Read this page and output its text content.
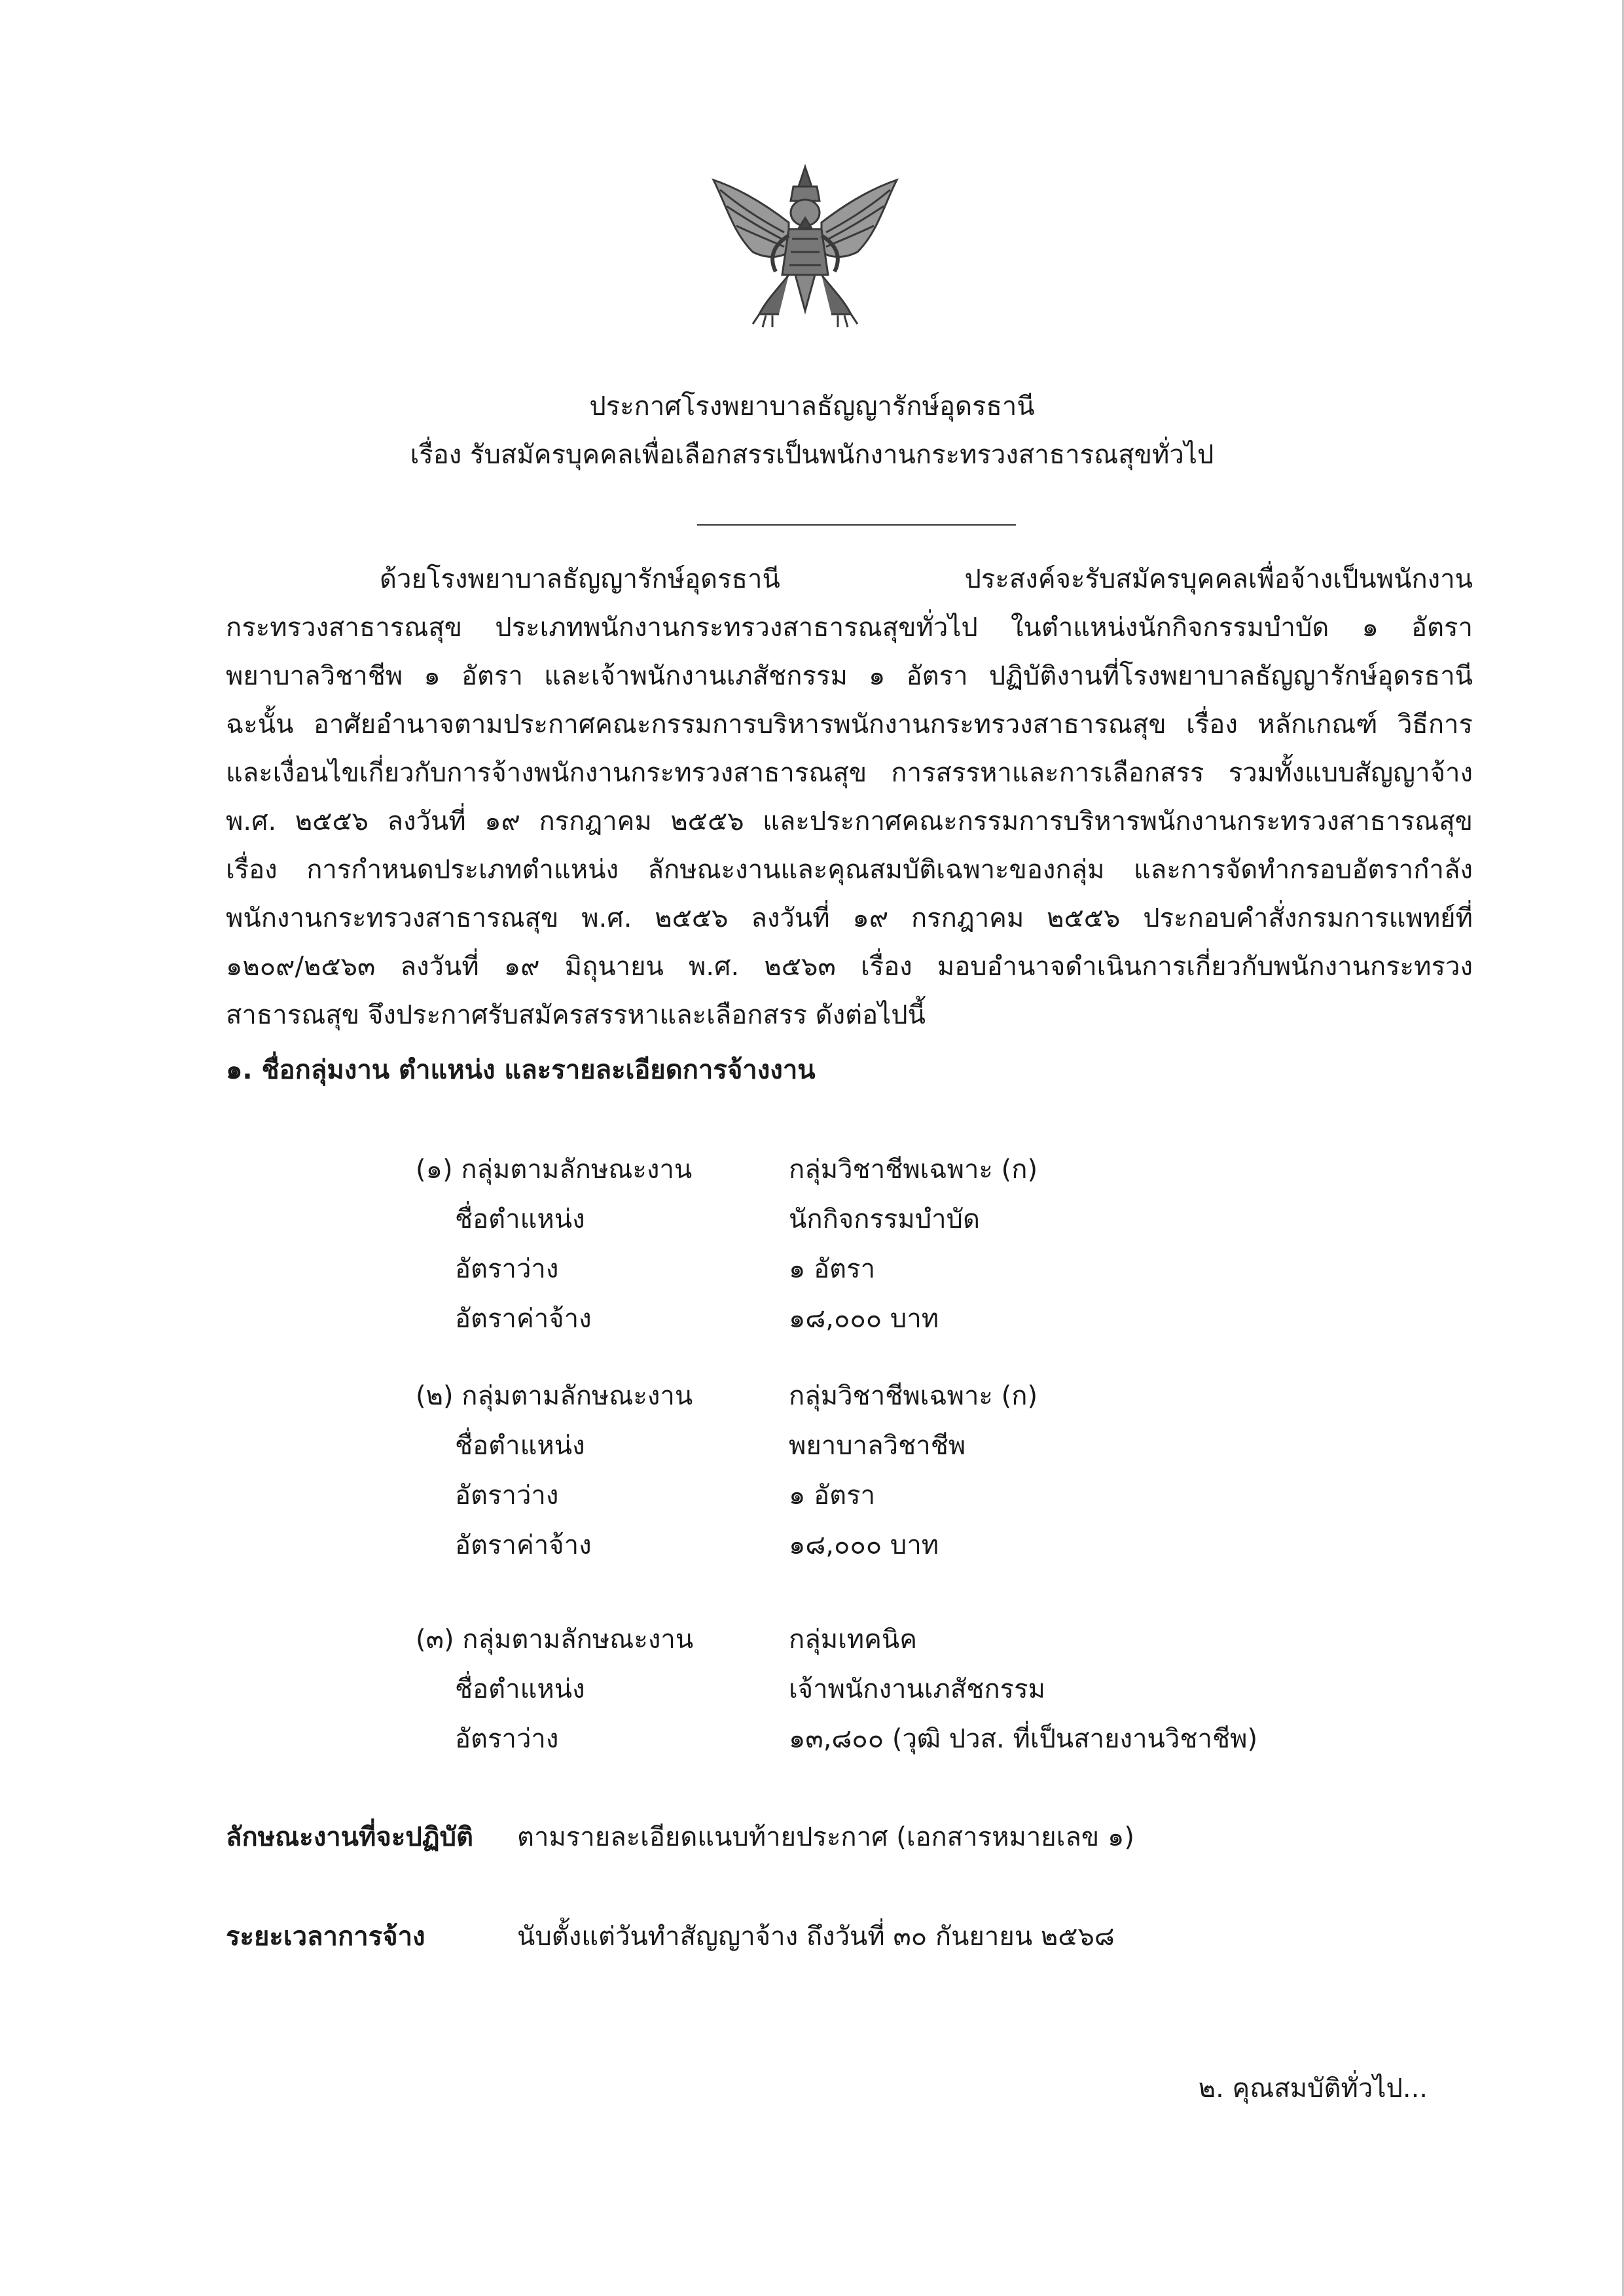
ประกาศโรงพยาบาลธัญญารักษ์อุดรธานี
เรื่อง รับสมัครบุคคลเพื่อเลือกสรรเป็นพนักงานกระทรวงสาธารณสุขทั่วไป
ด้วยโรงพยาบาลธัญญารักษ์อุดรธานี ประสงค์จะรับสมัครบุคคลเพื่อจ้างเป็นพนักงาน
กระทรวงสาธารณสุข ประเภทพนักงานกระทรวงสาธารณสุขทั่วไป ในตำแหน่งนักกิจกรรมบำบัด ๑ อัตรา
พยาบาลวิชาชีพ ๑ อัตรา และเจ้าพนักงานเภสัชกรรม ๑ อัตรา ปฏิบัติงานที่โรงพยาบาลธัญญารักษ์อุดรธานี
ฉะนั้น อาศัยอำนาจตามประกาศคณะกรรมการบริหารพนักงานกระทรวงสาธารณสุข เรื่อง หลักเกณฑ์ วิธีการ
และเงื่อนไขเกี่ยวกับการจ้างพนักงานกระทรวงสาธารณสุข การสรรหาและการเลือกสรร รวมทั้งแบบสัญญาจ้าง
พ.ศ. ๒๕๕๖ ลงวันที่ ๑๙ กรกฎาคม ๒๕๕๖ และประกาศคณะกรรมการบริหารพนักงานกระทรวงสาธารณสุข
เรื่อง การกำหนดประเภทตำแหน่ง ลักษณะงานและคุณสมบัติเฉพาะของกลุ่ม และการจัดทำกรอบอัตรากำลัง
พนักงานกระทรวงสาธารณสุข พ.ศ. ๒๕๕๖ ลงวันที่ ๑๙ กรกฎาคม ๒๕๕๖ ประกอบคำสั่งกรมการแพทย์ที่
๑๒๐๙/๒๕๖๓ ลงวันที่ ๑๙ มิถุนายน พ.ศ. ๒๕๖๓ เรื่อง มอบอำนาจดำเนินการเกี่ยวกับพนักงานกระทรวง
สาธารณสุข จึงประกาศรับสมัครสรรหาและเลือกสรร ดังต่อไปนี้
๑. ชื่อกลุ่มงาน ตำแหน่ง และรายละเอียดการจ้างงาน
(๑) กลุ่มตามลักษณะงาน	กลุ่มวิชาชีพเฉพาะ (ก)
ชื่อตำแหน่ง	นักกิจกรรมบำบัด
อัตราว่าง	๑ อัตรา
อัตราค่าจ้าง	๑๘,๐๐๐ บาท
(๒) กลุ่มตามลักษณะงาน	กลุ่มวิชาชีพเฉพาะ (ก)
ชื่อตำแหน่ง	พยาบาลวิชาชีพ
อัตราว่าง	๑ อัตรา
อัตราค่าจ้าง	๑๘,๐๐๐ บาท
(๓) กลุ่มตามลักษณะงาน	กลุ่มเทคนิค
ชื่อตำแหน่ง	เจ้าพนักงานเภสัชกรรม
อัตราว่าง	๑๓,๘๐๐ (วุฒิ ปวส. ที่เป็นสายงานวิชาชีพ)
ลักษณะงานที่จะปฏิบัติ ตามรายละเอียดแนบท้ายประกาศ (เอกสารหมายเลข ๑)
ระยะเวลาการจ้าง	นับตั้งแต่วันทำสัญญาจ้าง ถึงวันที่ ๓๐ กันยายน ๒๕๖๘
๒. คุณสมบัติทั่วไป...
